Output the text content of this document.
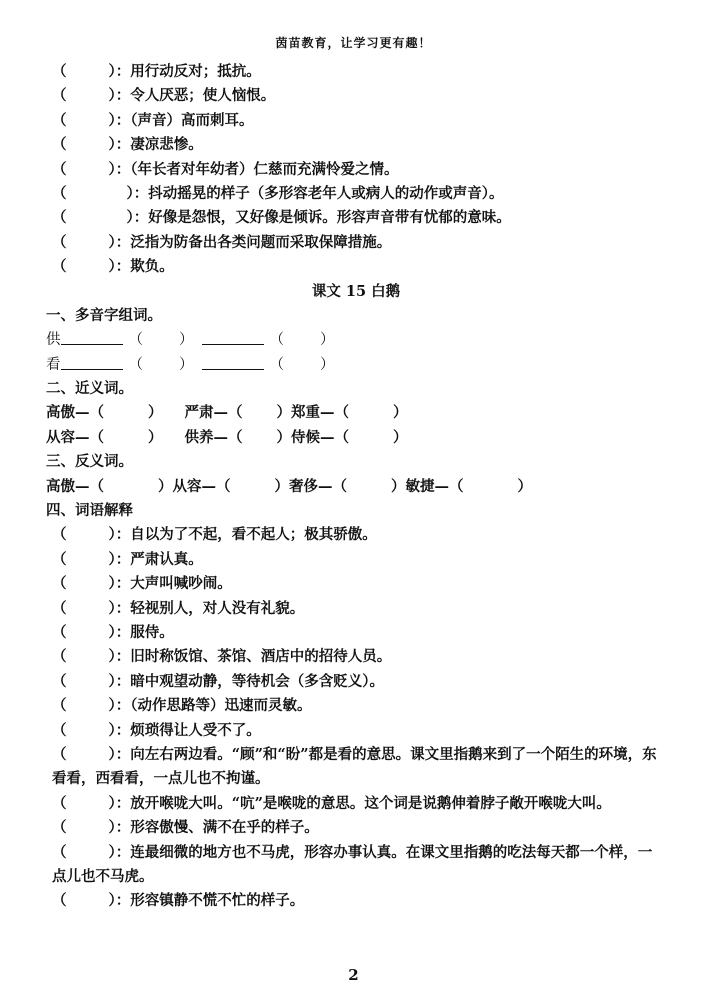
茵苗教育，让学习更有趣！
（	）：用行动反对；抵抗。
（	）：令人厌恶；使人恼恨。
（	）：（声音）高而刺耳。
（	）：凄凉悲惨。
（	）：（年长者对年幼者）仁慈而充满怜爱之情。
（	）：抖动摇晃的样子（多形容老年人或病人的动作或声音）。
（	）：好像是怨恨，又好像是倾诉。形容声音带有忧郁的意味。
（	）：泛指为防备出各类问题而采取保障措施。
（	）：欺负。
课文 15 白鹅
一、多音字组词。
供	（ ）	（ ）
看	（ ）	（ ）
二、近义词。
高傲—（	） 严肃—（ ）郑重—（	）
从容—（	） 供养—（ ）侍候—（	）
三、反义词。
高傲—（	）从容—（	）奢侈—（	）敏捷—（	）
四、词语解释
（	）：自以为了不起，看不起人；极其骄傲。
（	）：严肃认真。
（	）：大声叫喊吵闹。
（	）：轻视别人，对人没有礼貌。
（	）：服侍。
（	）：旧时称饭馆、茶馆、酒店中的招待人员。
（	）：暗中观望动静，等待机会（多含贬义）。
（	）：（动作思路等）迅速而灵敏。
（	）：烦琐得让人受不了。
（	）：向左右两边看。“顾”和“盼”都是看的意思。课文里指鹅来到了一个陌生的环境，东看看，西看看，一点儿也不拘谨。
（	）：放开喉咙大叫。“吭”是喉咙的意思。这个词是说鹅伸着脖子敞开喉咙大叫。
（	）：形容傲慢、满不在乎的样子。
（	）：连最细微的地方也不马虎，形容办事认真。在课文里指鹅的吃法每天都一个样，一点儿也不马虎。
（	）：形容镇静不慌不忙的样子。
2
